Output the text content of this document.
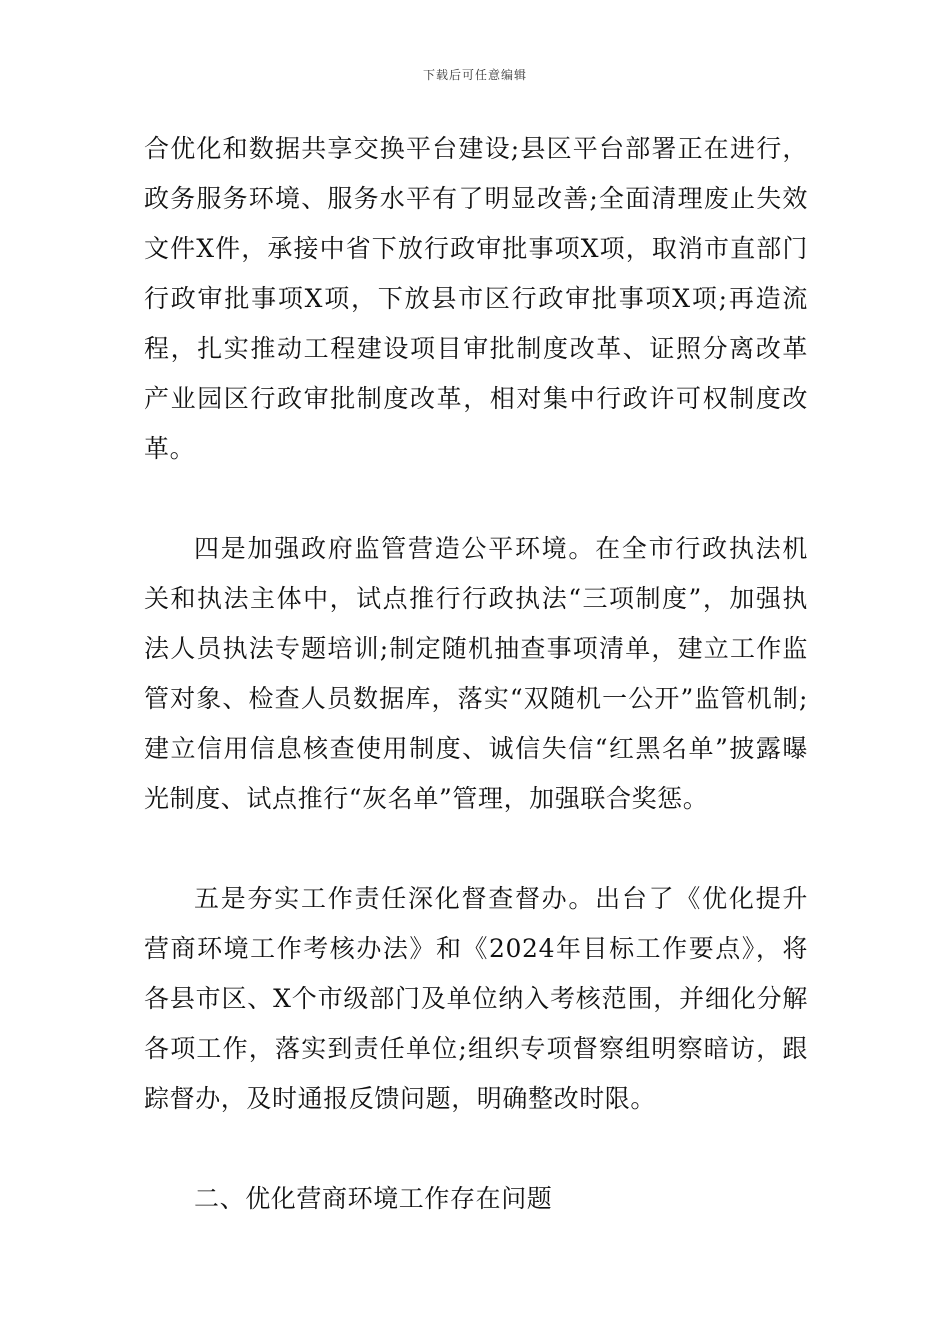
下载后可任意编辑

合优化和数据共享交换平台建设;县区平台部署正在进行，政务服务环境、服务水平有了明显改善;全面清理废止失效文件X件，承接中省下放行政审批事项X项，取消市直部门行政审批事项X项，下放县市区行政审批事项X项;再造流程，扎实推动工程建设项目审批制度改革、证照分离改革产业园区行政审批制度改革，相对集中行政许可权制度改革。

四是加强政府监管营造公平环境。在全市行政执法机关和执法主体中，试点推行行政执法“三项制度”，加强执法人员执法专题培训;制定随机抽查事项清单，建立工作监管对象、检查人员数据库，落实“双随机一公开”监管机制;建立信用信息核查使用制度、诚信失信“红黑名单”披露曝光制度、试点推行“灰名单”管理，加强联合奖惩。

五是夯实工作责任深化督查督办。出台了《优化提升营商环境工作考核办法》和《2024年目标工作要点》，将各县市区、X个市级部门及单位纳入考核范围，并细化分解各项工作，落实到责任单位;组织专项督察组明察暗访，跟踪督办，及时通报反馈问题，明确整改时限。

二、优化营商环境工作存在问题
